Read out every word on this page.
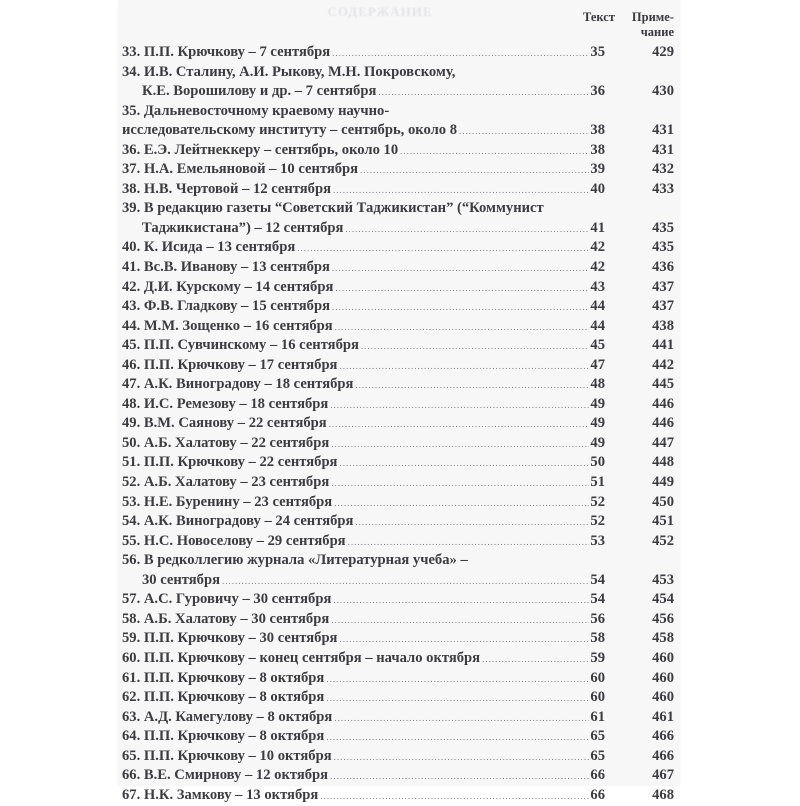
СОДЕРЖАНИЕ	Текст	Приме-
чание
33. П.П. Крючкову – 7 сентября .....	35	429
34. И.В. Сталину, А.И. Рыкову, М.Н. Покровскому,
К.Е. Ворошилову и др. – 7 сентября .....	36	430
35. Дальневосточному краевому научно-
исследовательскому институту – сентябрь, около 8 .....	38	431
36. Е.Э. Лейтнеккеру – сентябрь, около 10 .....	38	431
37. Н.А. Емельяновой – 10 сентября .....	39	432
38. Н.В. Чертовой – 12 сентября .....	40	433
39. В редакцию газеты “Советский Таджикистан” (“Коммунист
Таджикистана”) – 12 сентября .....	41	435
40. К. Исида – 13 сентября .....	42	435
41. Вс.В. Иванову – 13 сентября .....	42	436
42. Д.И. Курскому – 14 сентября .....	43	437
43. Ф.В. Гладкову – 15 сентября .....	44	437
44. М.М. Зощенко – 16 сентября .....	44	438
45. П.П. Сувчинскому – 16 сентября .....	45	441
46. П.П. Крючкову – 17 сентября .....	47	442
47. А.К. Виноградову – 18 сентября .....	48	445
48. И.С. Ремезову – 18 сентября .....	49	446
49. В.М. Саянову – 22 сентября .....	49	446
50. А.Б. Халатову – 22 сентября .....	49	447
51. П.П. Крючкову – 22 сентября .....	50	448
52. А.Б. Халатову – 23 сентября .....	51	449
53. Н.Е. Буренину – 23 сентября .....	52	450
54. А.К. Виноградову – 24 сентября .....	52	451
55. Н.С. Новоселову – 29 сентября .....	53	452
56. В редколлегию журнала «Литературная учеба» –
30 сентября .....	54	453
57. А.С. Гуровичу – 30 сентября .....	54	454
58. А.Б. Халатову – 30 сентября .....	56	456
59. П.П. Крючкову – 30 сентября .....	58	458
60. П.П. Крючкову – конец сентября – начало октября .....	59	460
61. П.П. Крючкову – 8 октября .....	60	460
62. П.П. Крючкову – 8 октября .....	60	460
63. А.Д. Камегулову – 8 октября .....	61	461
64. П.П. Крючкову – 8 октября .....	65	466
65. П.П. Крючкову – 10 октября .....	65	466
66. В.Е. Смирнову – 12 октября .....	66	467
67. Н.К. Замкову – 13 октября .....	66	468
